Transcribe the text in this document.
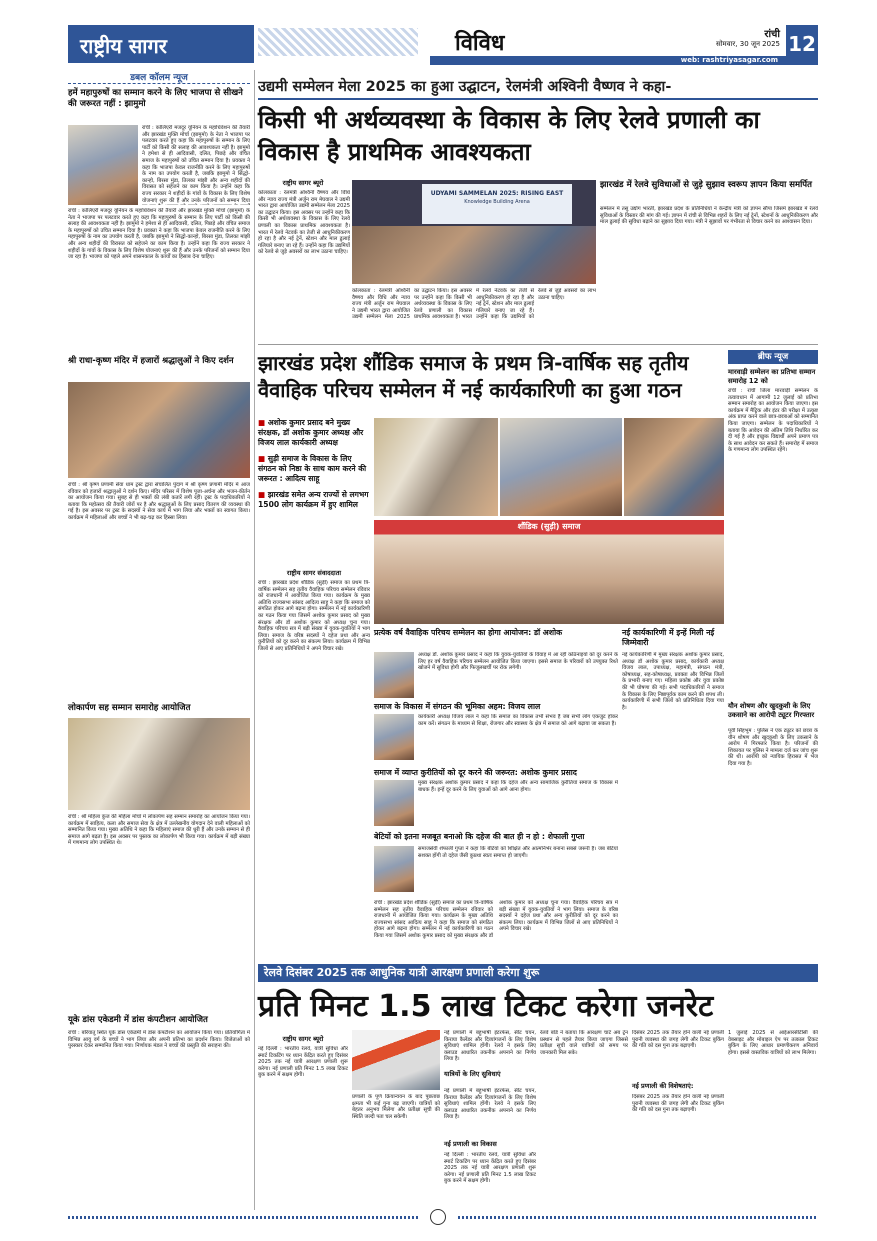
राष्ट्रीय सागर	विविध	रांची
सोमवार, 30 जून 2025 12
web: rashtriyasagar.com
डबल कॉलम न्यूज
हमें महापुरुषों का सम्मान करने के लिए भाजपा से सीखने की जरूरत नहीं : झामुमो
रांची : कोलिएरी मजदूर यूनियन के महाधिवेशन की तैयारी और झारखंड मुक्ति मोर्चा (झामुमो) के नेता ने भाजपा पर पलटवार करते हुए कहा कि महापुरुषों के सम्मान के लिए पार्टी को किसी की सलाह की आवश्यकता नहीं है। झामुमो ने हमेशा से ही आदिवासी, दलित, पिछड़े और वंचित समाज के महापुरुषों को उचित सम्मान दिया है। प्रवक्ता ने कहा कि भाजपा केवल राजनीति करने के लिए महापुरुषों के नाम का उपयोग करती है, जबकि झामुमो ने सिद्धो-कान्हो, बिरसा मुंडा, तिलका मांझी और अन्य शहीदों की विरासत को सहेजने का काम किया है। उन्होंने कहा कि राज्य सरकार ने शहीदों के गांवों के विकास के लिए विशेष योजनाएं शुरू की हैं और उनके परिजनों को सम्मान दिया
रांची : कोलिएरी मजदूर यूनियन के महाधिवेशन की तैयारी और झारखंड मुक्ति मोर्चा (झामुमो) के नेता ने भाजपा पर पलटवार करते हुए कहा कि महापुरुषों के सम्मान के लिए पार्टी को किसी की सलाह की आवश्यकता नहीं है। झामुमो ने हमेशा से ही आदिवासी, दलित, पिछड़े और वंचित समाज के महापुरुषों को उचित सम्मान दिया है। प्रवक्ता ने कहा कि भाजपा केवल राजनीति करने के लिए महापुरुषों के नाम का उपयोग करती है, जबकि झामुमो ने सिद्धो-कान्हो, बिरसा मुंडा, तिलका मांझी और अन्य शहीदों की विरासत को सहेजने का काम किया है। उन्होंने कहा कि राज्य सरकार ने शहीदों के गांवों के विकास के लिए विशेष योजनाएं शुरू की हैं और उनके परिजनों को सम्मान दिया जा रहा है। भाजपा को पहले अपने शासनकाल के कार्यों का हिसाब देना चाहिए।
श्री राधा-कृष्ण मंदिर में हजारों श्रद्धालुओं ने किए दर्शन
रांची : श्री कृष्ण प्रणामी सेवा धाम ट्रस्ट द्वारा संचालित पुंदाग में श्री कृष्ण प्रणामी मंदिर में आज रविवार को हजारों श्रद्धालुओं ने दर्शन किए। मंदिर परिसर में विशेष पूजा-अर्चना और भजन-कीर्तन का आयोजन किया गया। सुबह से ही भक्तों की लंबी कतारें लगी रहीं। ट्रस्ट के पदाधिकारियों ने बताया कि महोत्सव की तैयारी जोरों पर है और श्रद्धालुओं के लिए प्रसाद वितरण की व्यवस्था की गई है। इस अवसर पर ट्रस्ट के सदस्यों ने सेवा कार्य में भाग लिया और भक्तों का स्वागत किया। कार्यक्रम में महिलाओं और बच्चों ने भी बढ़-चढ़ कर हिस्सा लिया।
लोकार्पण सह सम्मान समारोह आयोजित
रांची : श्री महिला कुंज की महिला मोर्चा में लोकार्पण सह सम्मान समारोह का आयोजन किया गया। कार्यक्रम में साहित्य, कला और समाज सेवा के क्षेत्र में उल्लेखनीय योगदान देने वाली महिलाओं को सम्मानित किया गया। मुख्य अतिथि ने कहा कि महिलाएं समाज की धुरी हैं और उनके सम्मान से ही समाज आगे बढ़ता है। इस अवसर पर पुस्तक का लोकार्पण भी किया गया। कार्यक्रम में बड़ी संख्या में गणमान्य लोग उपस्थित थे।
यूके डांस एकेडमी में डांस कंपटीशन आयोजित
रांची : बरियातू स्थित यूके डांस एकेडमी में डांस कंपटीशन का आयोजन किया गया। प्रतियोगिता में विभिन्न आयु वर्ग के बच्चों ने भाग लिया और अपनी प्रतिभा का प्रदर्शन किया। विजेताओं को पुरस्कार देकर सम्मानित किया गया। निर्णायक मंडल ने बच्चों की प्रस्तुति की सराहना की।
उद्यमी सम्मेलन मेला 2025 का हुआ उद्घाटन, रेलमंत्री अश्विनी वैष्णव ने कहा-
किसी भी अर्थव्यवस्था के विकास के लिए रेलवे प्रणाली का विकास है प्राथमिक आवश्यकता
राष्ट्रीय सागर ब्यूरो
कोलकाता : रेलमंत्री अश्विनी वैष्णव और विधि और न्याय राज्य मंत्री अर्जुन राम मेघवाल ने उद्यमी भारत द्वारा आयोजित उद्यमी सम्मेलन मेला 2025 का उद्घाटन किया। इस अवसर पर उन्होंने कहा कि किसी भी अर्थव्यवस्था के विकास के लिए रेलवे प्रणाली का विकास प्राथमिक आवश्यकता है। भारत में रेलवे नेटवर्क का तेजी से आधुनिकीकरण हो रहा है और नई ट्रेनें, स्टेशन और माल ढुलाई गलियारे बनाए जा रहे हैं। उन्होंने कहा कि उद्यमियों को रेलवे से जुड़े अवसरों का लाभ उठाना चाहिए।
UDYAMI SAMMELAN 2025: RISING EAST
Knowledge Building Arena
कोलकाता : रेलमंत्री अश्विनी वैष्णव और विधि और न्याय राज्य मंत्री अर्जुन राम मेघवाल ने उद्यमी भारत द्वारा आयोजित उद्यमी सम्मेलन मेला 2025 का उद्घाटन किया। इस अवसर पर उन्होंने कहा कि किसी भी अर्थव्यवस्था के विकास के लिए रेलवे प्रणाली का विकास प्राथमिक आवश्यकता है। भारत में रेलवे नेटवर्क का तेजी से आधुनिकीकरण हो रहा है और नई ट्रेनें, स्टेशन और माल ढुलाई गलियारे बनाए जा रहे हैं। उन्होंने कहा कि उद्यमियों को रेलवे से जुड़े अवसरों का लाभ उठाना चाहिए।
झारखंड में रेलवे सुविधाओं से जुड़े सुझाव स्वरूप ज्ञापन किया समर्पित
सम्मेलन में तसु उद्योग भारती, झारखंड प्रदेश के प्रतिनिधियों ने केन्द्रीय मंत्री को ज्ञापन सौंपा जिसमें झारखंड में रेलवे सुविधाओं के विस्तार की मांग की गई। ज्ञापन में रांची से विभिन्न शहरों के लिए नई ट्रेनों, स्टेशनों के आधुनिकीकरण और माल ढुलाई की सुविधा बढ़ाने का सुझाव दिया गया। मंत्री ने सुझावों पर गंभीरता से विचार करने का आश्वासन दिया।
ब्रीफ न्यूज
मारवाड़ी सम्मेलन का प्रतिभा सम्मान समारोह 12 को
रांची : रांची जिला मारवाड़ी सम्मेलन के तत्वावधान में आगामी 12 जुलाई को प्रतिभा सम्मान समारोह का आयोजन किया जाएगा। इस कार्यक्रम में मैट्रिक और इंटर की परीक्षा में उत्कृष्ट अंक प्राप्त करने वाले छात्र-छात्राओं को सम्मानित किया जाएगा। सम्मेलन के पदाधिकारियों ने बताया कि आवेदन की अंतिम तिथि निर्धारित कर दी गई है और इच्छुक विद्यार्थी अपने प्रमाण पत्र के साथ आवेदन कर सकते हैं। समारोह में समाज के गणमान्य लोग उपस्थित रहेंगे।
यौन शोषण और खुदकुशी के लिए उकसाने का आरोपी ट्यूटर गिरफ्तार
पूर्वी सिंहभूम : पुलिस ने एक ट्यूटर को छात्रा के यौन शोषण और खुदकुशी के लिए उकसाने के आरोप में गिरफ्तार किया है। परिजनों की शिकायत पर पुलिस ने मामला दर्ज कर जांच शुरू की थी। आरोपी को न्यायिक हिरासत में भेज दिया गया है।
झारखंड प्रदेश शौंडिक समाज के प्रथम त्रि-वार्षिक सह तृतीय वैवाहिक परिचय सम्मेलन में नई कार्यकारिणी का हुआ गठन
■ अशोक कुमार प्रसाद बने मुख्य संरक्षक, डॉ अशोक कुमार अध्यक्ष और विजय लाल कार्यकारी अध्यक्ष
■ सुड़ी समाज के विकास के लिए संगठन को निष्ठा के साथ काम करने की जरूरत : आदित्य साहू
■ झारखंड समेत अन्य राज्यों से लगभग 1500 लोग कार्यक्रम में हुए शामिल
राष्ट्रीय सागर संवाददाता
रांची : झारखंड प्रदेश शौंडिक (सुड़ी) समाज का प्रथम त्रि-वार्षिक सम्मेलन सह तृतीय वैवाहिक परिचय सम्मेलन रविवार को राजधानी में आयोजित किया गया। कार्यक्रम के मुख्य अतिथि राज्यसभा सांसद आदित्य साहू ने कहा कि समाज को संगठित होकर आगे बढ़ना होगा। सम्मेलन में नई कार्यकारिणी का गठन किया गया जिसमें अशोक कुमार प्रसाद को मुख्य संरक्षक और डॉ अशोक कुमार को अध्यक्ष चुना गया। वैवाहिक परिचय सत्र में बड़ी संख्या में युवक-युवतियों ने भाग लिया। समाज के वरिष्ठ सदस्यों ने दहेज प्रथा और अन्य कुरीतियों को दूर करने का संकल्प लिया। कार्यक्रम में विभिन्न जिलों से आए प्रतिनिधियों ने अपने विचार रखे।
शौंडिक (सुड़ी) समाज
प्रत्येक वर्ष वैवाहिक परिचय सम्मेलन का होगा आयोजन: डॉ अशोक
अध्यक्ष डॉ. अशोक कुमार प्रसाद ने कहा कि युवक-युवतियों के विवाह में आ रही कठिनाइयों को दूर करने के लिए हर वर्ष वैवाहिक परिचय सम्मेलन आयोजित किया जाएगा। इससे समाज के परिवारों को उपयुक्त रिश्ते खोजने में सुविधा होगी और फिजूलखर्ची पर रोक लगेगी।
समाज के विकास में संगठन की भूमिका अहम: विजय लाल
कार्यकारी अध्यक्ष विजय लाल ने कहा कि समाज का विकास तभी संभव है जब सभी लोग एकजुट होकर काम करें। संगठन के माध्यम से शिक्षा, रोजगार और स्वास्थ्य के क्षेत्र में समाज को आगे बढ़ाया जा सकता है।
समाज में व्याप्त कुरीतियों को दूर करने की जरूरत: अशोक कुमार प्रसाद
मुख्य संरक्षक अशोक कुमार प्रसाद ने कहा कि दहेज और अन्य सामाजिक कुरीतियां समाज के विकास में बाधक हैं। इन्हें दूर करने के लिए युवाओं को आगे आना होगा।
बेटियों को इतना मजबूत बनाओ कि दहेज की बात ही न हो : शेफाली गुप्ता
समाजसेवी शेफाली गुप्ता ने कहा कि बेटियों को शिक्षित और आत्मनिर्भर बनाना सबसे जरूरी है। जब बेटियां सशक्त होंगी तो दहेज जैसी कुप्रथा स्वतः समाप्त हो जाएगी।
रांची : झारखंड प्रदेश शौंडिक (सुड़ी) समाज का प्रथम त्रि-वार्षिक सम्मेलन सह तृतीय वैवाहिक परिचय सम्मेलन रविवार को राजधानी में आयोजित किया गया। कार्यक्रम के मुख्य अतिथि राज्यसभा सांसद आदित्य साहू ने कहा कि समाज को संगठित होकर आगे बढ़ना होगा। सम्मेलन में नई कार्यकारिणी का गठन किया गया जिसमें अशोक कुमार प्रसाद को मुख्य संरक्षक और डॉ अशोक कुमार को अध्यक्ष चुना गया। वैवाहिक परिचय सत्र में बड़ी संख्या में युवक-युवतियों ने भाग लिया। समाज के वरिष्ठ सदस्यों ने दहेज प्रथा और अन्य कुरीतियों को दूर करने का संकल्प लिया। कार्यक्रम में विभिन्न जिलों से आए प्रतिनिधियों ने अपने विचार रखे।
नई कार्यकारिणी में इन्हें मिली नई जिम्मेवारी
नई कार्यकारिणी में मुख्य संरक्षक अशोक कुमार प्रसाद, अध्यक्ष डॉ अशोक कुमार प्रसाद, कार्यकारी अध्यक्ष विजय लाल, उपाध्यक्ष, महामंत्री, संगठन मंत्री, कोषाध्यक्ष, सह-कोषाध्यक्ष, प्रवक्ता और विभिन्न जिलों के प्रभारी बनाए गए। महिला प्रकोष्ठ और युवा प्रकोष्ठ की भी घोषणा की गई। सभी पदाधिकारियों ने समाज के विकास के लिए निष्ठापूर्वक काम करने की शपथ ली। कार्यकारिणी में सभी जिलों को प्रतिनिधित्व दिया गया है।
रेलवे दिसंबर 2025 तक आधुनिक यात्री आरक्षण प्रणाली करेगा शुरू
प्रति मिनट 1.5 लाख टिकट करेगा जनरेट
राष्ट्रीय सागर ब्यूरो
नई दिल्ली : भारतीय रेलवे, यात्री सुविधा और स्मार्ट टिकटिंग पर ध्यान केंद्रित करते हुए दिसंबर 2025 तक नई यात्री आरक्षण प्रणाली शुरू करेगा। नई प्रणाली प्रति मिनट 1.5 लाख टिकट बुक करने में सक्षम होगी।
प्रणाली के पूर्ण क्रियान्वयन के बाद पूछताछ क्षमता भी कई गुना बढ़ जाएगी। यात्रियों को बेहतर अनुभव मिलेगा और प्रतीक्षा सूची की स्थिति जल्दी पता चल सकेगी।
नई प्रणाली में बहुभाषी इंटरफेस, सीट चयन, किराया कैलेंडर और दिव्यांगजनों के लिए विशेष सुविधाएं शामिल होंगी। रेलवे ने इसके लिए क्लाउड आधारित तकनीक अपनाने का निर्णय लिया है।
यात्रियों के लिए सुविधाएं
नई प्रणाली में बहुभाषी इंटरफेस, सीट चयन, किराया कैलेंडर और दिव्यांगजनों के लिए विशेष सुविधाएं शामिल होंगी। रेलवे ने इसके लिए क्लाउड आधारित तकनीक अपनाने का निर्णय लिया है।
नई प्रणाली का विकास
नई दिल्ली : भारतीय रेलवे, यात्री सुविधा और स्मार्ट टिकटिंग पर ध्यान केंद्रित करते हुए दिसंबर 2025 तक नई यात्री आरक्षण प्रणाली शुरू करेगा। नई प्रणाली प्रति मिनट 1.5 लाख टिकट बुक करने में सक्षम होगी।
रेलवे बोर्ड ने बताया कि आरक्षण चार्ट अब ट्रेन प्रस्थान से पहले तैयार किया जाएगा जिससे प्रतीक्षा सूची वाले यात्रियों को समय पर जानकारी मिल सके।
दिसंबर 2025 तक तैयार होने वाली नई प्रणाली पुरानी व्यवस्था की जगह लेगी और टिकट बुकिंग की गति को दस गुना तक बढ़ाएगी।
नई प्रणाली की विशेषताएं:
दिसंबर 2025 तक तैयार होने वाली नई प्रणाली पुरानी व्यवस्था की जगह लेगी और टिकट बुकिंग की गति को दस गुना तक बढ़ाएगी।
1 जुलाई 2025 से आईआरसीटीसी की वेबसाइट और मोबाइल ऐप पर तत्काल टिकट बुकिंग के लिए आधार प्रमाणीकरण अनिवार्य होगा। इससे वास्तविक यात्रियों को लाभ मिलेगा।
